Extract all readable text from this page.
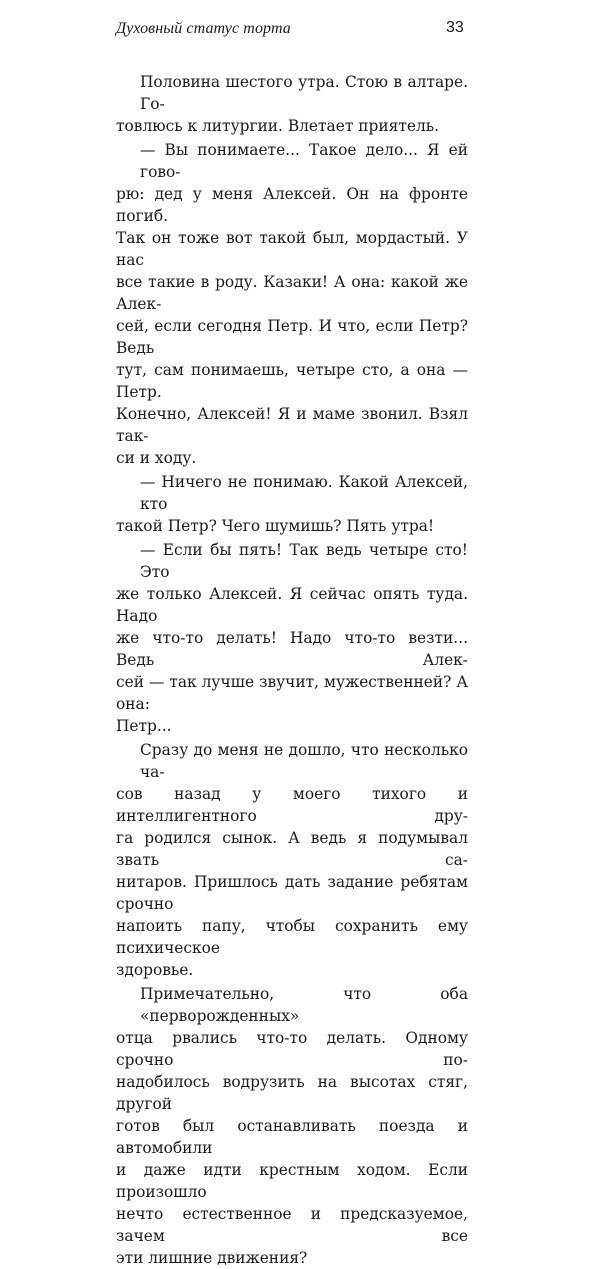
Духовный статус торта	33
Половина шестого утра. Стою в алтаре. Го-
товлюсь к литургии. Влетает приятель.
— Вы понимаете... Такое дело... Я ей гово-
рю: дед у меня Алексей. Он на фронте погиб.
Так он тоже вот такой был, мордастый. У нас
все такие в роду. Казаки! А она: какой же Алек-
сей, если сегодня Петр. И что, если Петр? Ведь
тут, сам понимаешь, четыре сто, а она — Петр.
Конечно, Алексей! Я и маме звонил. Взял так-
си и ходу.
— Ничего не понимаю. Какой Алексей, кто
такой Петр? Чего шумишь? Пять утра!
— Если бы пять! Так ведь четыре сто! Это
же только Алексей. Я сейчас опять туда. Надо
же что-то делать! Надо что-то везти... Ведь Алек-
сей — так лучше звучит, мужественней? А она:
Петр...
Сразу до меня не дошло, что несколько ча-
сов назад у моего тихого и интеллигентного дру-
га родился сынок. А ведь я подумывал звать са-
нитаров. Пришлось дать задание ребятам срочно
напоить папу, чтобы сохранить ему психическое
здоровье.
Примечательно, что оба «перворожденных»
отца рвались что-то делать. Одному срочно по-
надобилось водрузить на высотах стяг, другой
готов был останавливать поезда и автомобили
и даже идти крестным ходом. Если произошло
нечто естественное и предсказуемое, зачем все
эти лишние движения?
